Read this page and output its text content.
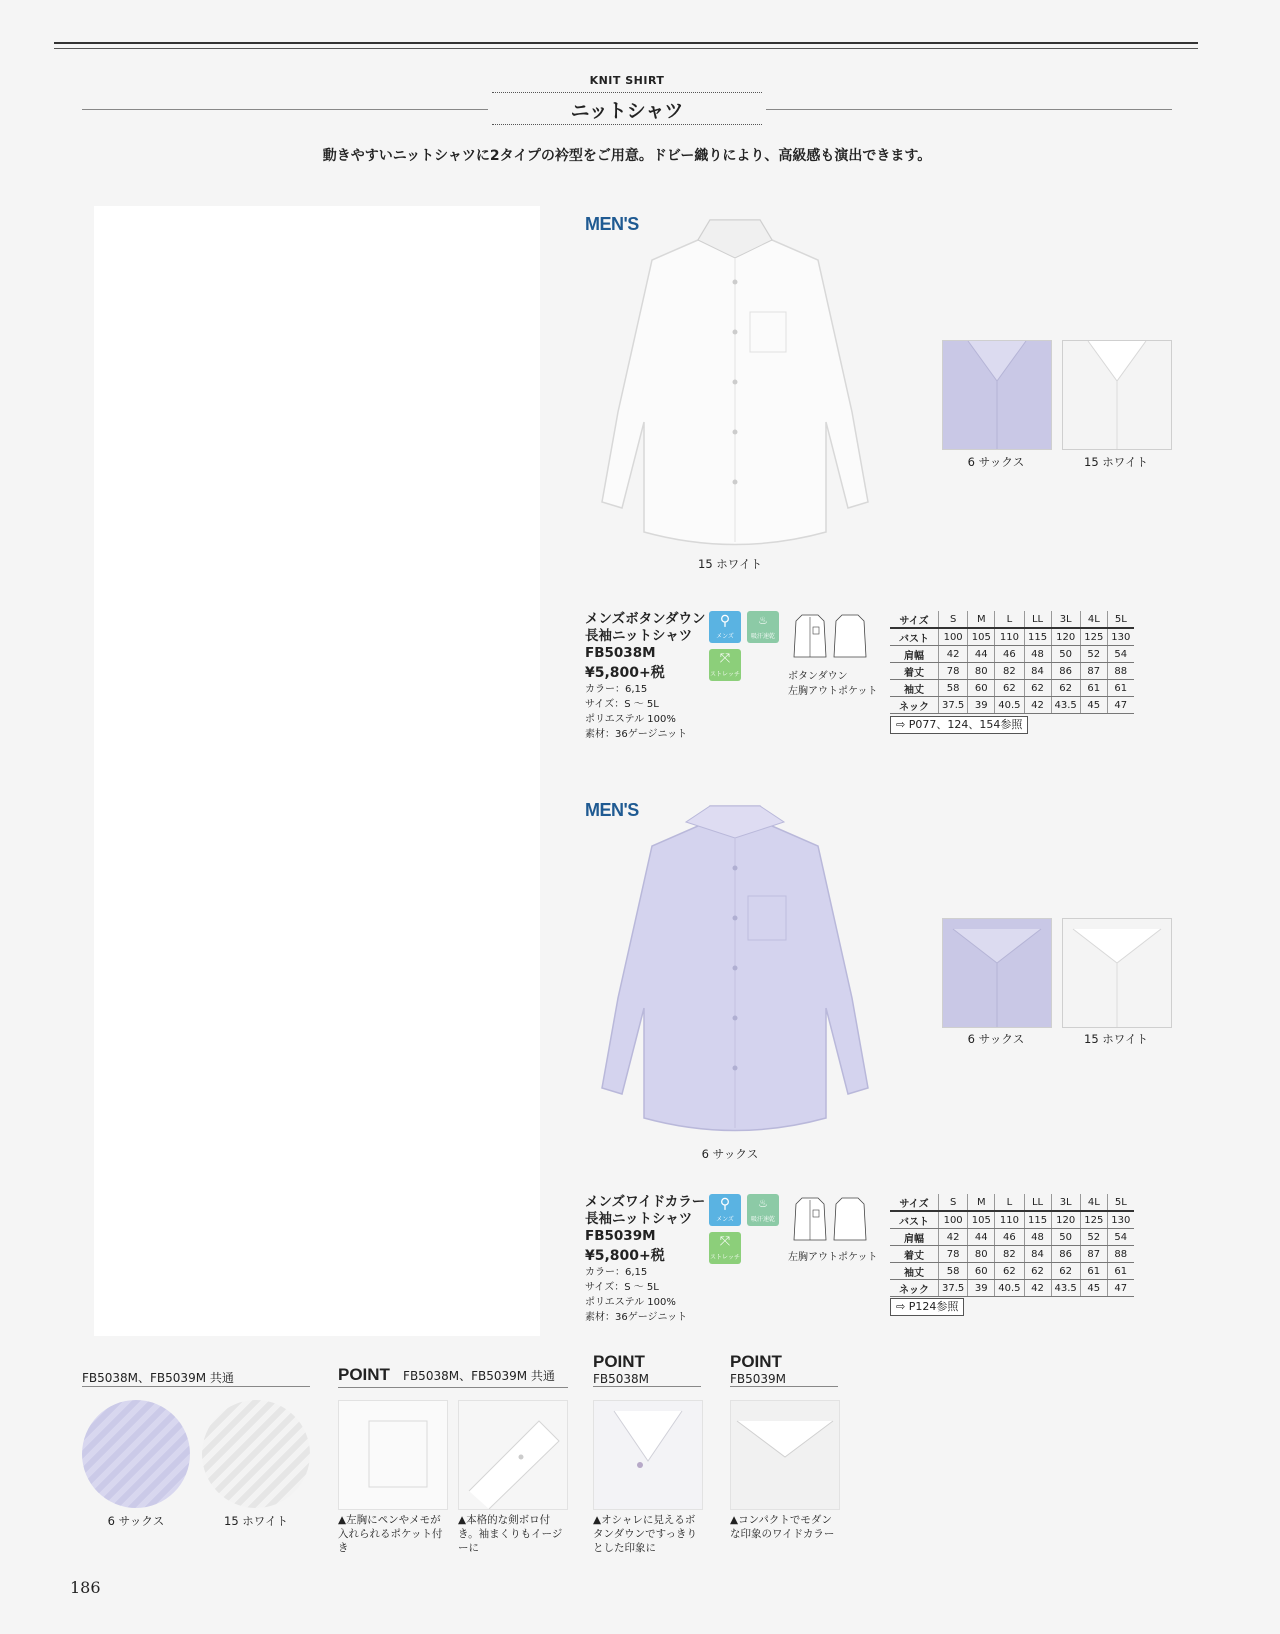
KNIT SHIRT
ニットシャツ
動きやすいニットシャツに2タイプの衿型をご用意。ドビー織りにより、高級感も演出できます。
MEN'S
15 ホワイト
6 サックス	15 ホワイト
メンズボタンダウン
長袖ニットシャツ
FB5038M
¥5,800+税
カラー：6,15
サイズ：S ～ 5L
ポリエステル 100%
素材：36ゲージニット
⚲
メンズ
♨
吸汗速乾
⤧
ストレッチ	ボタンダウン
左胸アウトポケット
サイズ	S	M	L	LL	3L	4L	5L
バスト	100	105	110	115	120	125	130
肩幅	42	44	46	48	50	52	54
着丈	78	80	82	84	86	87	88
袖丈	58	60	62	62	62	61	61
ネック	37.5	39	40.5	42	43.5	45	47
⇨ P077、124、154参照
MEN'S
6 サックス
6 サックス	15 ホワイト
メンズワイドカラー
長袖ニットシャツ
FB5039M
¥5,800+税
カラー：6,15
サイズ：S ～ 5L
ポリエステル 100%
素材：36ゲージニット
⚲
メンズ
♨
吸汗速乾
⤧
ストレッチ	左胸アウトポケット
サイズ	S	M	L	LL	3L	4L	5L
バスト	100	105	110	115	120	125	130
肩幅	42	44	46	48	50	52	54
着丈	78	80	82	84	86	87	88
袖丈	58	60	62	62	62	61	61
ネック	37.5	39	40.5	42	43.5	45	47
⇨ P124参照
FB5038M、FB5039M 共通
6 サックス	15 ホワイト
POINT FB5038M、FB5039M 共通
▲左胸にペンやメモが入れられるポケット付き
▲本格的な剣ボロ付き。袖まくりもイージーに
POINT
FB5038M
▲オシャレに見えるボタンダウンですっきりとした印象に
POINT
FB5039M
▲コンパクトでモダンな印象のワイドカラー
186
